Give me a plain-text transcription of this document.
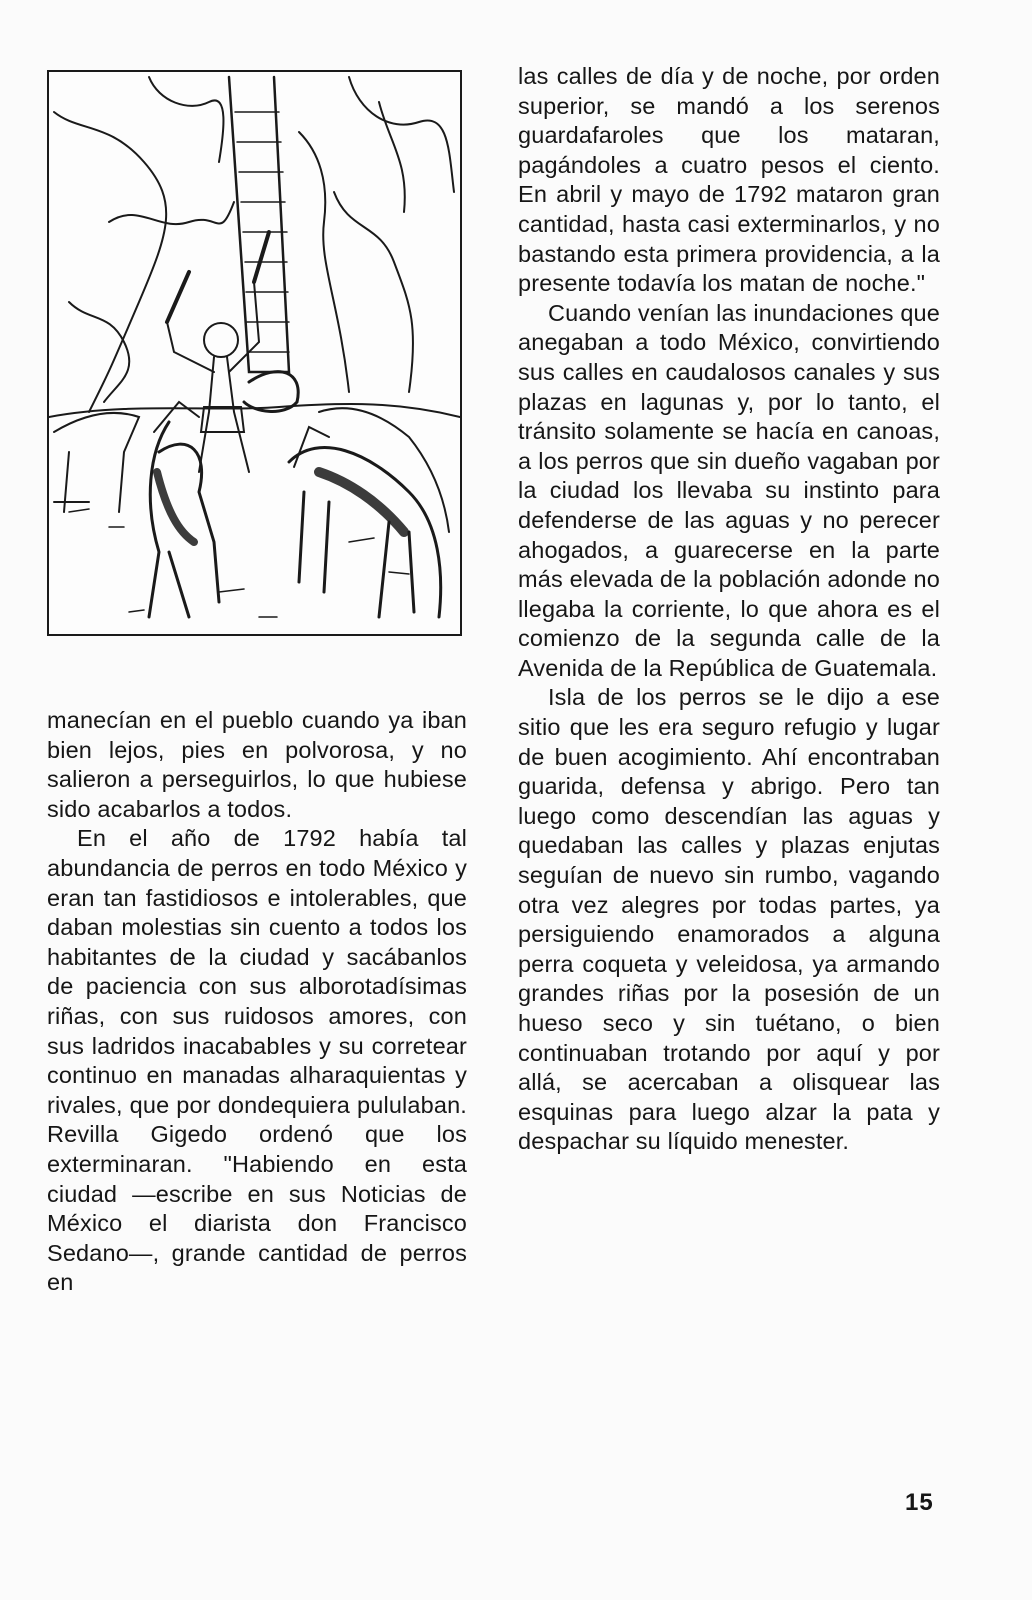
manecían en el pueblo cuando ya iban bien lejos, pies en polvorosa, y no salieron a perseguirlos, lo que hubiese sido acabarlos a todos.

En el año de 1792 había tal abundancia de perros en todo México y eran tan fastidiosos e intolerables, que daban molestias sin cuento a todos los habitantes de la ciudad y sacábanlos de paciencia con sus alborotadísimas riñas, con sus ruidosos amores, con sus ladridos inacababIes y su corretear continuo en manadas alharaquientas y rivales, que por dondequiera pululaban. Revilla Gigedo ordenó que los exterminaran. "Habiendo en esta ciudad —escribe en sus Noticias de México el diarista don Francisco Sedano—, grande cantidad de perros en

las calles de día y de noche, por orden superior, se mandó a los serenos guardafaroles que los mataran, pagándoles a cuatro pesos el ciento. En abril y mayo de 1792 mataron gran cantidad, hasta casi exterminarlos, y no bastando esta primera providencia, a la presente todavía los matan de noche."

Cuando venían las inundaciones que anegaban a todo México, convirtiendo sus calles en caudalosos canales y sus plazas en lagunas y, por lo tanto, el tránsito solamente se hacía en canoas, a los perros que sin dueño vagaban por la ciudad los llevaba su instinto para defenderse de las aguas y no perecer ahogados, a guarecerse en la parte más elevada de la población adonde no llegaba la corriente, lo que ahora es el comienzo de la segunda calle de la Avenida de la República de Guatemala.

Isla de los perros se le dijo a ese sitio que les era seguro refugio y lugar de buen acogimiento. Ahí encontraban guarida, defensa y abrigo. Pero tan luego como descendían las aguas y quedaban las calles y plazas enjutas seguían de nuevo sin rumbo, vagando otra vez alegres por todas partes, ya persiguiendo enamorados a alguna perra coqueta y veleidosa, ya armando grandes riñas por la posesión de un hueso seco y sin tuétano, o bien continuaban trotando por aquí y por allá, se acercaban a olisquear las esquinas para luego alzar la pata y despachar su líquido menester.

15
